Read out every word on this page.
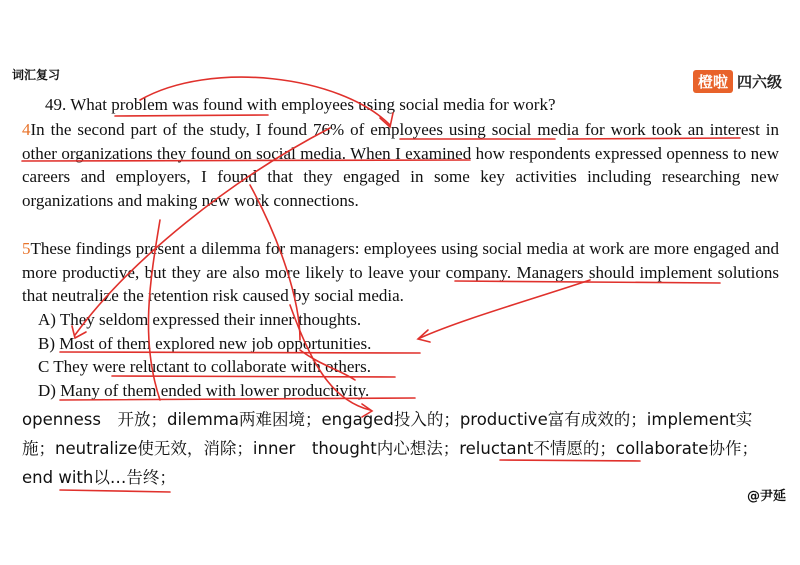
词汇复习	橙啦 四六级
49. What problem was found with employees using social media for work?
4In the second part of the study, I found 76% of employees using social media for work took an interest in other organizations they found on social media. When I examined how respondents expressed openness to new careers and employers, I found that they engaged in some key activities including researching new organizations and making new work connections.
5These findings present a dilemma for managers: employees using social media at work are more engaged and more productive, but they are also more likely to leave your company. Managers should implement solutions that neutralize the retention risk caused by social media.
A) They seldom expressed their inner thoughts.
B) Most of them explored new job opportunities.
C They were reluctant to collaborate with others.
D) Many of them ended with lower productivity.
openness　开放；dilemma两难困境；engaged投入的；productive富有成效的；implement实施；neutralize使无效，消除；inner　thought内心想法；reluctant不情愿的；collaborate协作；end with以…告终；
@尹延
